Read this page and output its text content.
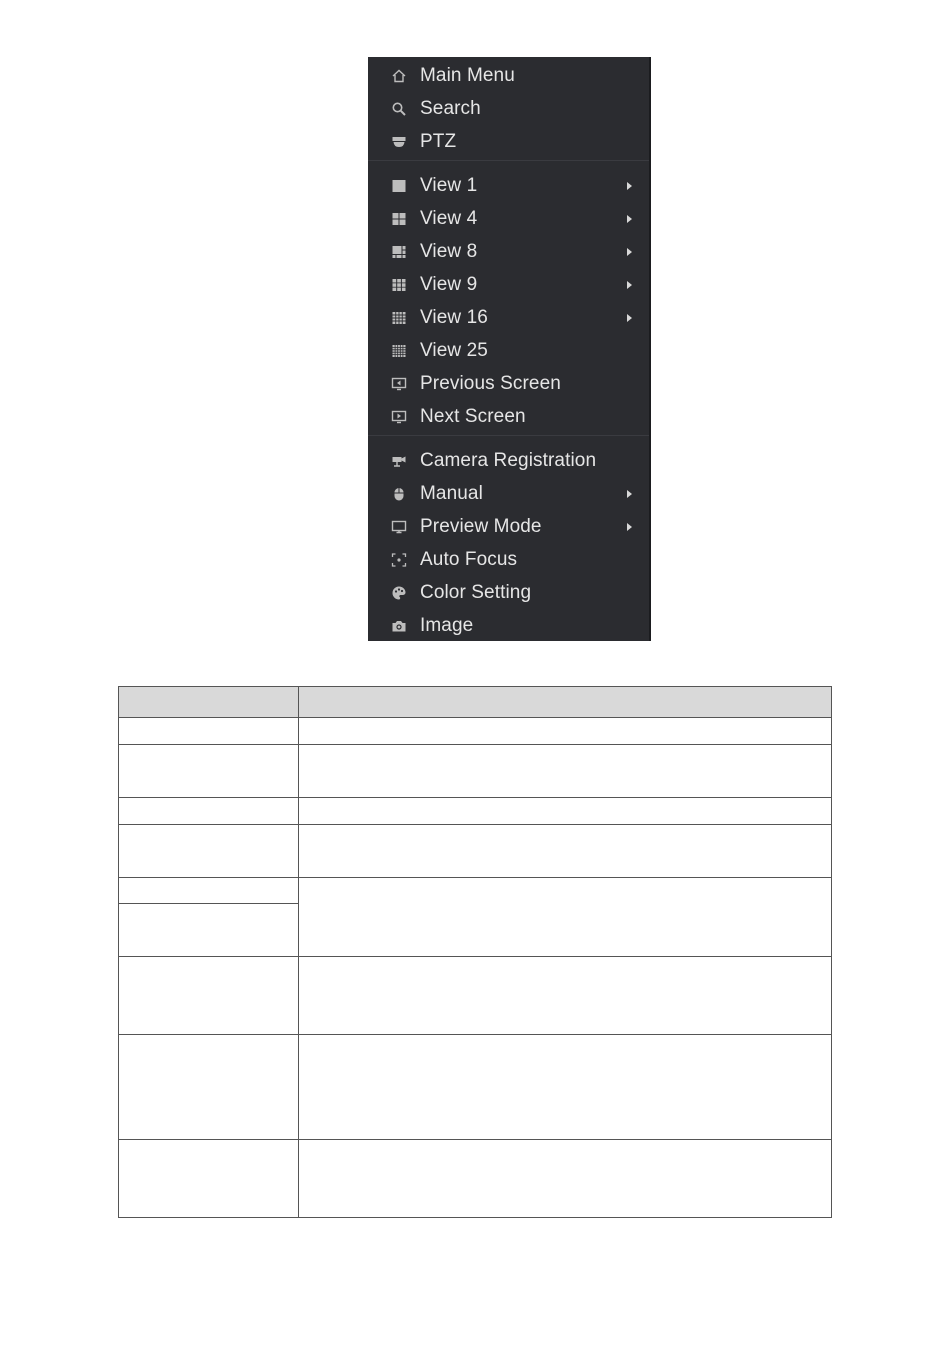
Main Menu
Search
PTZ
View 1
View 4
View 8
View 9
View 16
View 25
Previous Screen
Next Screen
Camera Registration
Manual
Preview Mode
Auto Focus
Color Setting
Image
